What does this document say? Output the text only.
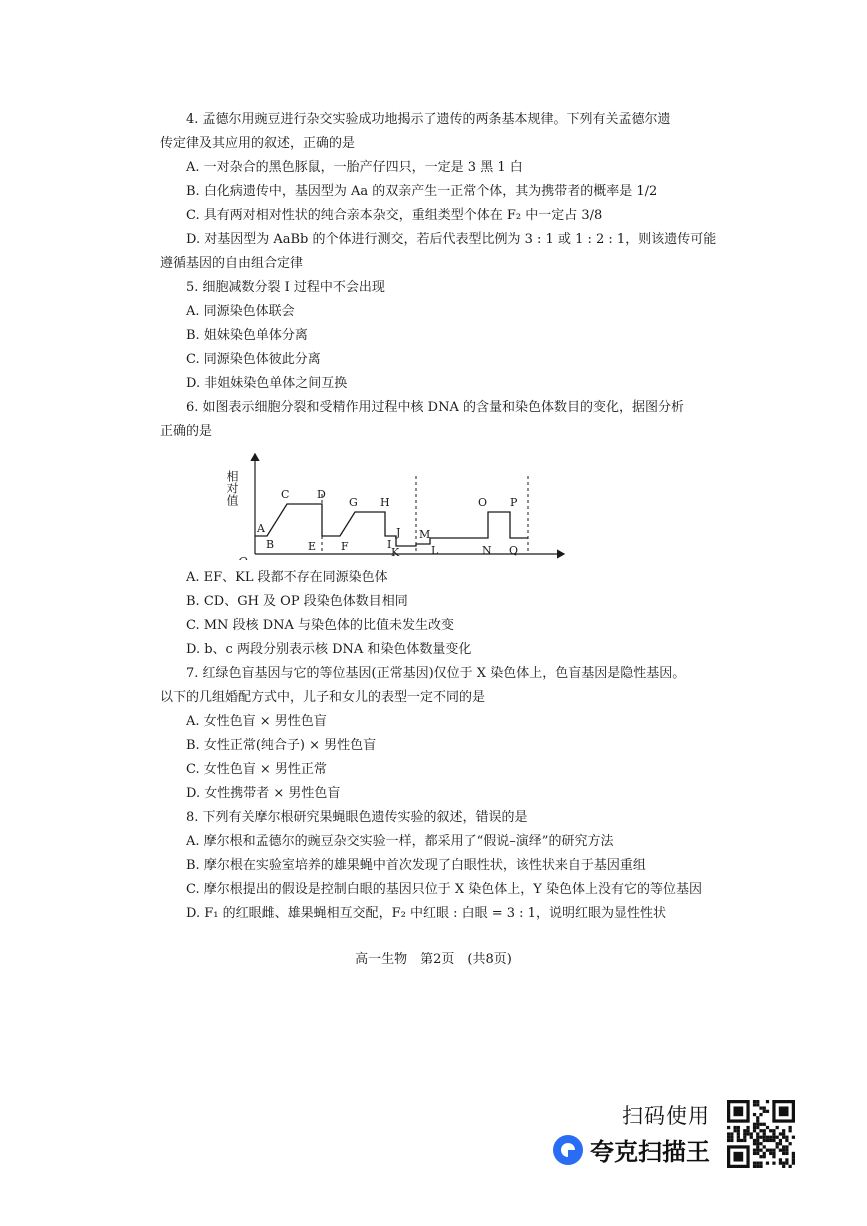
4. 孟德尔用豌豆进行杂交实验成功地揭示了遗传的两条基本规律。下列有关孟德尔遗
传定律及其应用的叙述，正确的是
A. 一对杂合的黑色豚鼠，一胎产仔四只，一定是 3 黑 1 白
B. 白化病遗传中，基因型为 Aa 的双亲产生一正常个体，其为携带者的概率是 1/2
C. 具有两对相对性状的纯合亲本杂交，重组类型个体在 F₂ 中一定占 3/8
D. 对基因型为 AaBb 的个体进行测交，若后代表型比例为 3 : 1 或 1 : 2 : 1，则该遗传可能
遵循基因的自由组合定律
5. 细胞减数分裂 Ⅰ 过程中不会出现
A. 同源染色体联会
B. 姐妹染色单体分离
C. 同源染色体彼此分离
D. 非姐妹染色单体之间互换
6. 如图表示细胞分裂和受精作用过程中核 DNA 的含量和染色体数目的变化，据图分析
正确的是
相对值
A
B
C	D
E F
G H
I
J
K	L
M
N
O P
Q
A. EF、KL 段都不存在同源染色体
B. CD、GH 及 OP 段染色体数目相同
C. MN 段核 DNA 与染色体的比值未发生改变
D. b、c 两段分别表示核 DNA 和染色体数量变化
7. 红绿色盲基因与它的等位基因(正常基因)仅位于 X 染色体上，色盲基因是隐性基因。
以下的几组婚配方式中，儿子和女儿的表型一定不同的是
A. 女性色盲 × 男性色盲
B. 女性正常(纯合子) × 男性色盲
C. 女性色盲 × 男性正常
D. 女性携带者 × 男性色盲
8. 下列有关摩尔根研究果蝇眼色遗传实验的叙述，错误的是
A. 摩尔根和孟德尔的豌豆杂交实验一样，都采用了“假说–演绎”的研究方法
B. 摩尔根在实验室培养的雄果蝇中首次发现了白眼性状，该性状来自于基因重组
C. 摩尔根提出的假设是控制白眼的基因只位于 X 染色体上，Y 染色体上没有它的等位基因
D. F₁ 的红眼雌、雄果蝇相互交配，F₂ 中红眼 : 白眼 = 3 : 1，说明红眼为显性性状
高一生物　第2页　(共8页)
扫码使用
夸克扫描王
